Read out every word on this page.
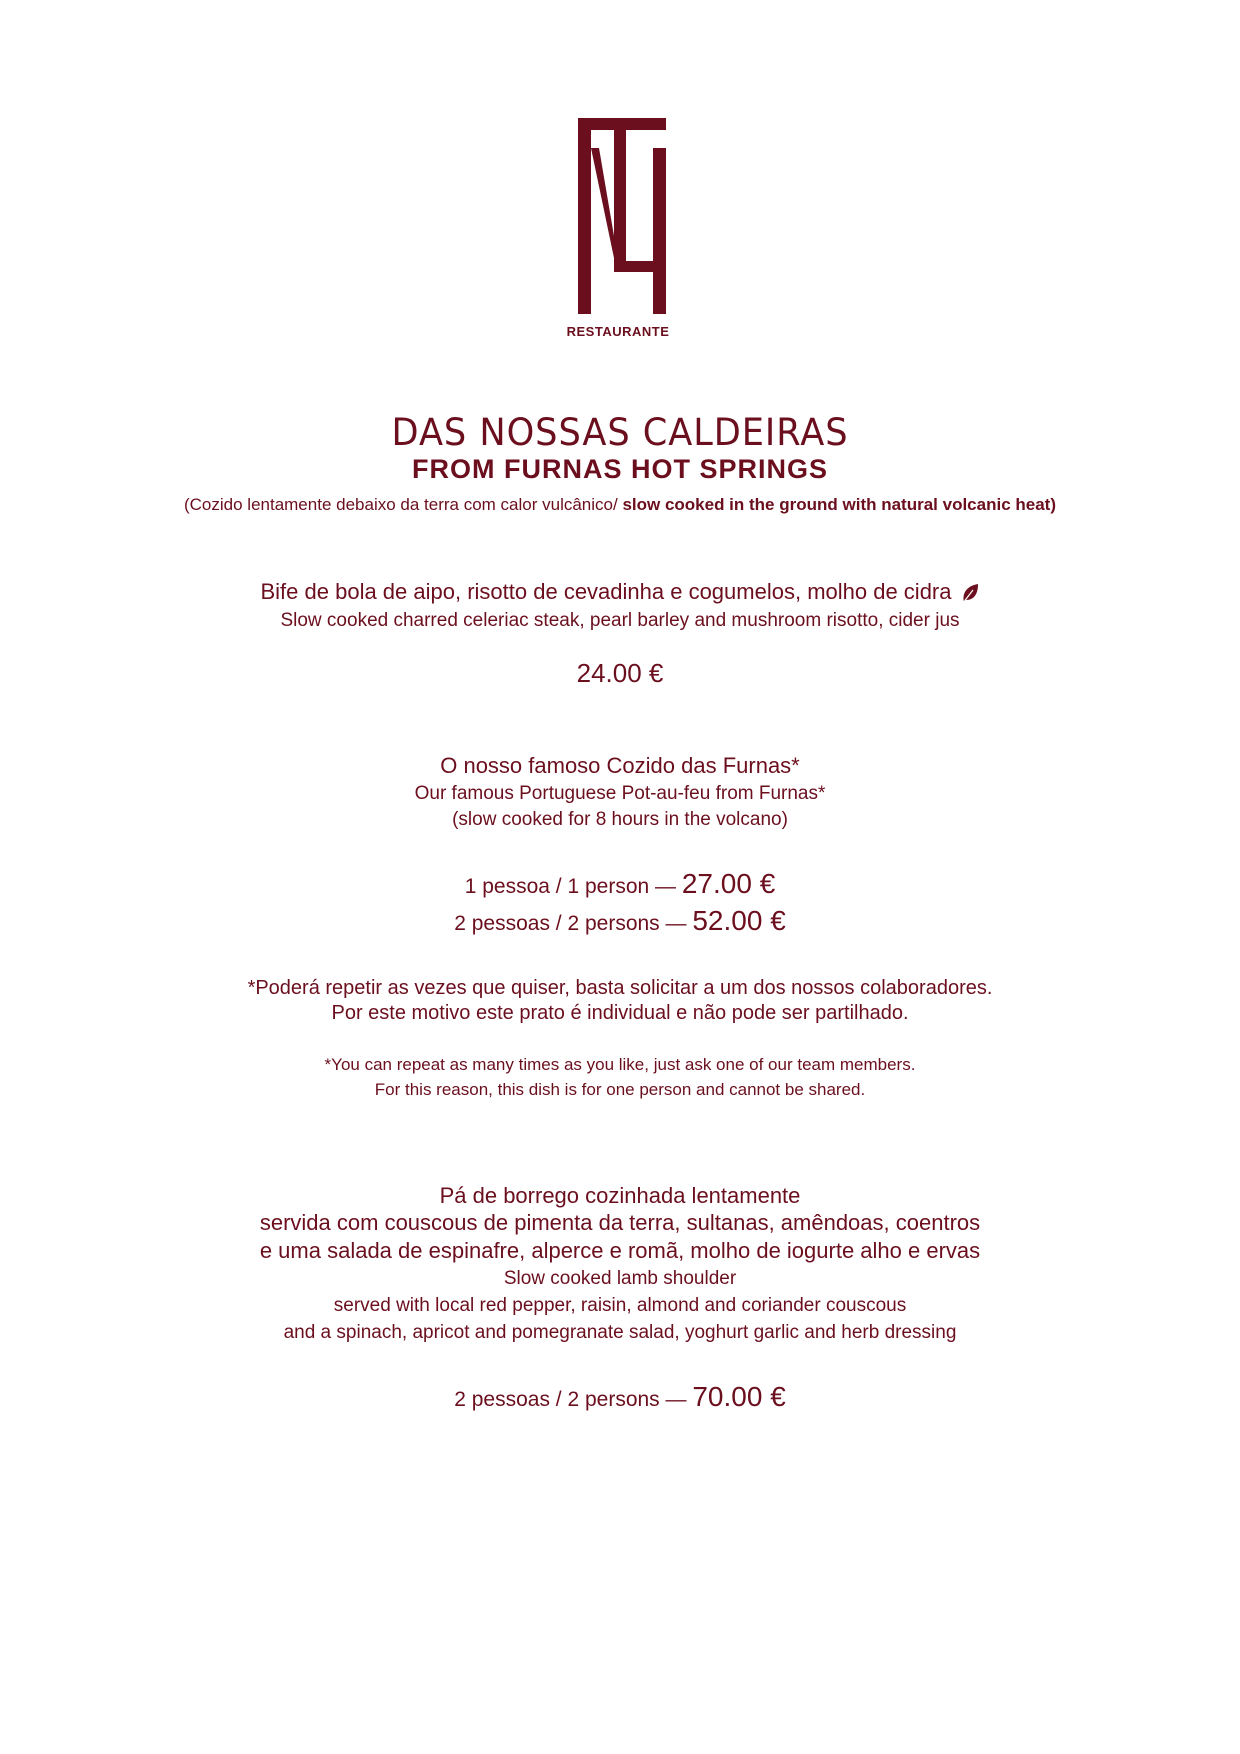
RESTAURANTE
DAS NOSSAS CALDEIRAS
FROM FURNAS HOT SPRINGS
(Cozido lentamente debaixo da terra com calor vulcânico/ slow cooked in the ground with natural volcanic heat)
Bife de bola de aipo, risotto de cevadinha e cogumelos, molho de cidra
Slow cooked charred celeriac steak, pearl barley and mushroom risotto, cider jus
24.00 €
O nosso famoso Cozido das Furnas*
Our famous Portuguese Pot-au-feu from Furnas*
(slow cooked for 8 hours in the volcano)
1 pessoa / 1 person — 27.00 €
2 pessoas / 2 persons — 52.00 €
*Poderá repetir as vezes que quiser, basta solicitar a um dos nossos colaboradores.
Por este motivo este prato é individual e não pode ser partilhado.
*You can repeat as many times as you like, just ask one of our team members.
For this reason, this dish is for one person and cannot be shared.
Pá de borrego cozinhada lentamente
servida com couscous de pimenta da terra, sultanas, amêndoas, coentros
e uma salada de espinafre, alperce e romã, molho de iogurte alho e ervas
Slow cooked lamb shoulder
served with local red pepper, raisin, almond and coriander couscous
and a spinach, apricot and pomegranate salad, yoghurt garlic and herb dressing
2 pessoas / 2 persons — 70.00 €
